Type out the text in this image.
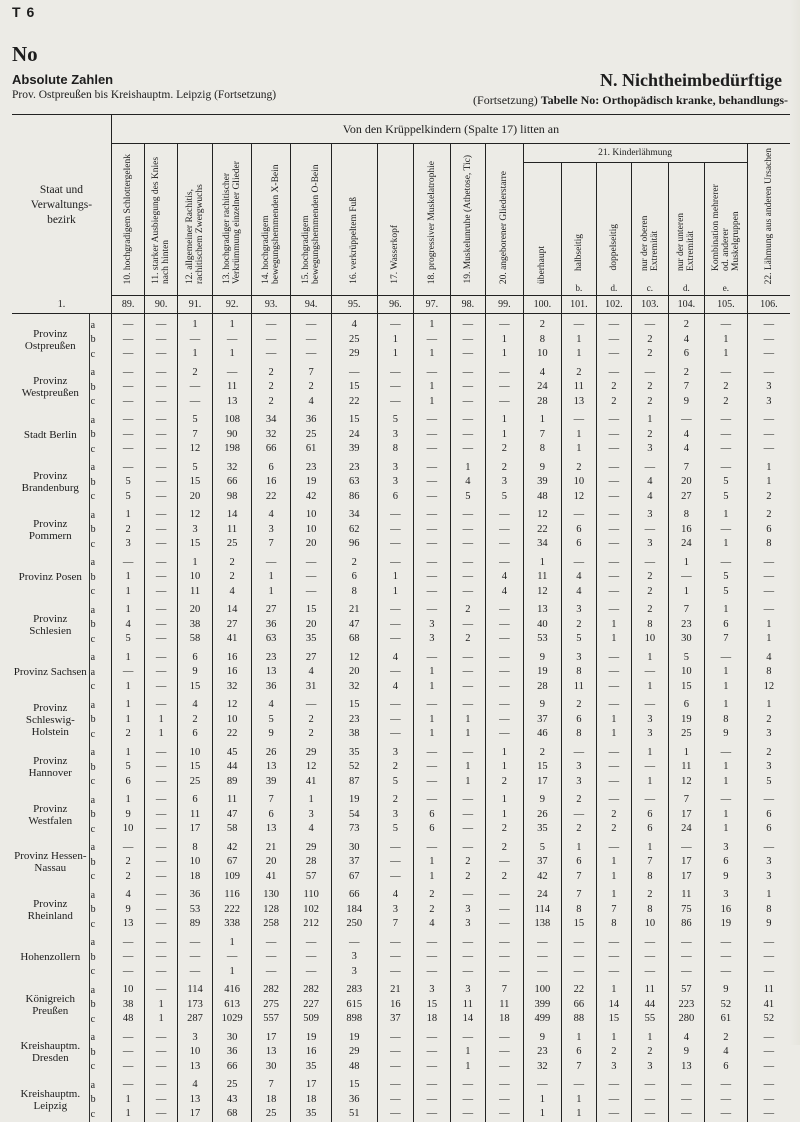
T 6
No
Absolute Zahlen
Prov. Ostpreußen bis Kreishauptm. Leipzig (Fortsetzung)
N. Nichtheimbedürftige
(Fortsetzung) Tabelle No: Orthopädisch kranke, behandlungs-
Staat und Verwaltungs-bezirk		Von den Krüppelkindern (Spalte 17) litten an																	
		10. hochgradigem Schlottergelenk	11. starker Ausbiegung des Knies nach hinten	12. allgemeiner Rachitis, rachitischem Zwergwuchs	13. hochgradiger rachitischer Verkrümmung einzelner Glieder	14. hochgradigem bewegungshemmenden X-Bein	15. hochgradigem bewegungshemmenden O-Bein	16. verkrüppeltem Fuß	17. Wasserkopf	18. progressiver Muskelatrophie	19. Muskelunruhe (Athetose, Tic)	20. angeborener Gliederstarre	21. Kinderlähmung						22. Lähmung aus anderen Ursachen
													überhaupt	halbseitig	doppelseitig	nur der oberen Extremität	nur der unteren Extremität	Kombination mehrerer od. anderer Muskelgruppen	
														b.	d.	c.	d.	e.	
1.		89.	90.	91.	92.	93.	94.	95.	96.	97.	98.	99.	100.	101.	102.	103.	104.	105.	106.
Provinz Ostpreußen	a	—	—	1	1	—	—	4	—	1	—	—	2	—	—	—	2	—	—
	b	—	—	—	—	—	—	25	1	—	—	1	8	1	—	2	4	1	—
	c	—	—	1	1	—	—	29	1	1	—	1	10	1	—	2	6	1	—
Provinz Westpreußen	a	—	—	2	—	2	7	—	—	—	—	—	4	2	—	—	2	—	—
	b	—	—	—	11	2	2	15	—	1	—	—	24	11	2	2	7	2	3
	c	—	—	—	13	2	4	22	—	1	—	—	28	13	2	2	9	2	3
Stadt Berlin	a	—	—	5	108	34	36	15	5	—	—	1	1	—	—	1	—	—	—
	b	—	—	7	90	32	25	24	3	—	—	1	7	1	—	2	4	—	—
	c	—	—	12	198	66	61	39	8	—	—	2	8	1	—	3	4	—	—
Provinz Brandenburg	a	—	—	5	32	6	23	23	3	—	1	2	9	2	—	—	7	—	1
	b	5	—	15	66	16	19	63	3	—	4	3	39	10	—	4	20	5	1
	c	5	—	20	98	22	42	86	6	—	5	5	48	12	—	4	27	5	2
Provinz Pommern	a	1	—	12	14	4	10	34	—	—	—	—	12	—	—	3	8	1	2
	b	2	—	3	11	3	10	62	—	—	—	—	22	6	—	—	16	—	6
	c	3	—	15	25	7	20	96	—	—	—	—	34	6	—	3	24	1	8
Provinz Posen	a	—	—	1	2	—	—	2	—	—	—	—	1	—	—	—	1	—	—
	b	1	—	10	2	1	—	6	1	—	—	4	11	4	—	2	—	5	—
	c	1	—	11	4	1	—	8	1	—	—	4	12	4	—	2	1	5	—
Provinz Schlesien	a	1	—	20	14	27	15	21	—	—	2	—	13	3	—	2	7	1	—
	b	4	—	38	27	36	20	47	—	3	—	—	40	2	1	8	23	6	1
	c	5	—	58	41	63	35	68	—	3	2	—	53	5	1	10	30	7	1
Provinz Sachsen	a	1	—	6	16	23	27	12	4	—	—	—	9	3	—	1	5	—	4
	a	—	—	9	16	13	4	20	—	1	—	—	19	8	—	—	10	1	8
	c	1	—	15	32	36	31	32	4	1	—	—	28	11	—	1	15	1	12
Provinz Schleswig-Holstein	a	1	—	4	12	4	—	15	—	—	—	—	9	2	—	—	6	1	1
	b	1	1	2	10	5	2	23	—	1	1	—	37	6	1	3	19	8	2
	c	2	1	6	22	9	2	38	—	1	1	—	46	8	1	3	25	9	3
Provinz Hannover	a	1	—	10	45	26	29	35	3	—	—	1	2	—	—	1	1	—	2
	b	5	—	15	44	13	12	52	2	—	1	1	15	3	—	—	11	1	3
	c	6	—	25	89	39	41	87	5	—	1	2	17	3	—	1	12	1	5
Provinz Westfalen	a	1	—	6	11	7	1	19	2	—	—	1	9	2	—	—	7	—	—
	b	9	—	11	47	6	3	54	3	6	—	1	26	—	2	6	17	1	6
	c	10	—	17	58	13	4	73	5	6	—	2	35	2	2	6	24	1	6
Provinz Hessen-Nassau	a	—	—	8	42	21	29	30	—	—	—	2	5	1	—	1	—	3	—
	b	2	—	10	67	20	28	37	—	1	2	—	37	6	1	7	17	6	3
	c	2	—	18	109	41	57	67	—	1	2	2	42	7	1	8	17	9	3
Provinz Rheinland	a	4	—	36	116	130	110	66	4	2	—	—	24	7	1	2	11	3	1
	b	9	—	53	222	128	102	184	3	2	3	—	114	8	7	8	75	16	8
	c	13	—	89	338	258	212	250	7	4	3	—	138	15	8	10	86	19	9
Hohenzollern	a	—	—	—	1	—	—	—	—	—	—	—	—	—	—	—	—	—	—
	b	—	—	—	—	—	—	3	—	—	—	—	—	—	—	—	—	—	—
	c	—	—	—	1	—	—	3	—	—	—	—	—	—	—	—	—	—	—
Königreich Preußen	a	10	—	114	416	282	282	283	21	3	3	7	100	22	1	11	57	9	11
	b	38	1	173	613	275	227	615	16	15	11	11	399	66	14	44	223	52	41
	c	48	1	287	1029	557	509	898	37	18	14	18	499	88	15	55	280	61	52
Kreishauptm. Dresden	a	—	—	3	30	17	19	19	—	—	—	—	9	1	1	1	4	2	—
	b	—	—	10	36	13	16	29	—	—	1	—	23	6	2	2	9	4	—
	c	—	—	13	66	30	35	48	—	—	1	—	32	7	3	3	13	6	—
Kreishauptm. Leipzig	a	—	—	4	25	7	17	15	—	—	—	—	—	—	—	—	—	—	—
	b	1	—	13	43	18	18	36	—	—	—	—	1	1	—	—	—	—	—
	c	1	—	17	68	25	35	51	—	—	—	—	1	1	—	—	—	—	—
